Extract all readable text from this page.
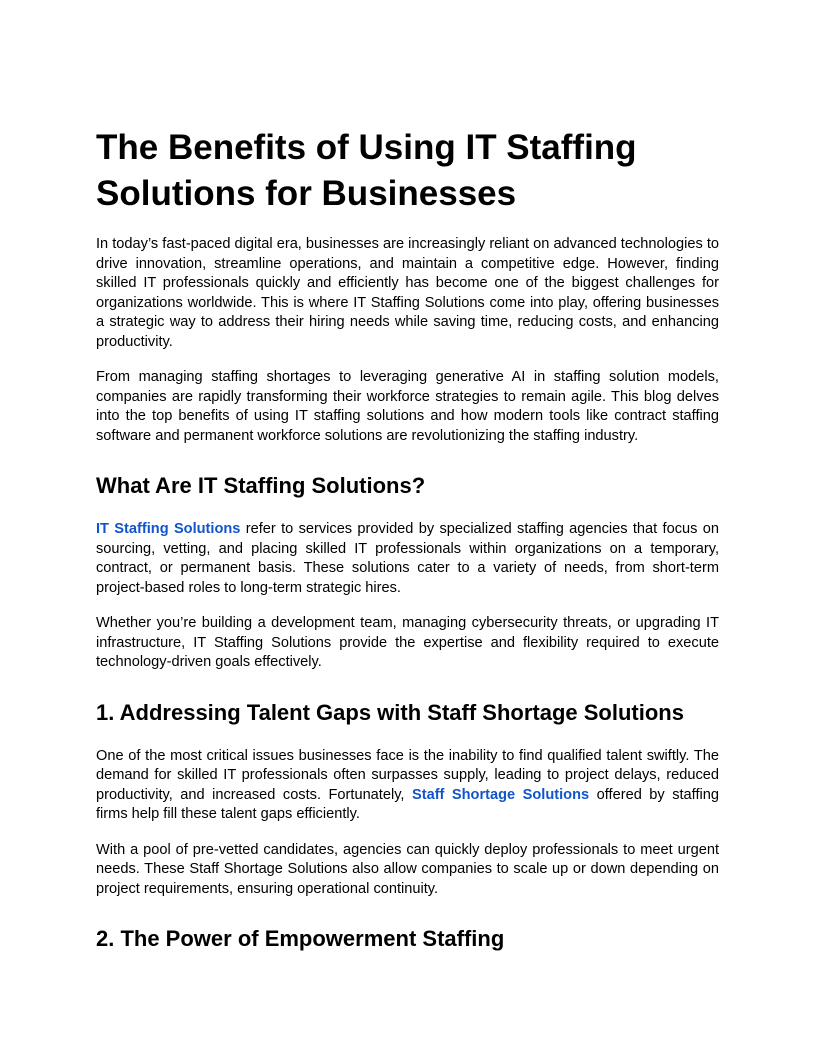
The Benefits of Using IT Staffing Solutions for Businesses

In today’s fast-paced digital era, businesses are increasingly reliant on advanced technologies to drive innovation, streamline operations, and maintain a competitive edge. However, finding skilled IT professionals quickly and efficiently has become one of the biggest challenges for organizations worldwide. This is where IT Staffing Solutions come into play, offering businesses a strategic way to address their hiring needs while saving time, reducing costs, and enhancing productivity.

From managing staffing shortages to leveraging generative AI in staffing solution models, companies are rapidly transforming their workforce strategies to remain agile. This blog delves into the top benefits of using IT staffing solutions and how modern tools like contract staffing software and permanent workforce solutions are revolutionizing the staffing industry.

What Are IT Staffing Solutions?

IT Staffing Solutions refer to services provided by specialized staffing agencies that focus on sourcing, vetting, and placing skilled IT professionals within organizations on a temporary, contract, or permanent basis. These solutions cater to a variety of needs, from short-term project-based roles to long-term strategic hires.

Whether you’re building a development team, managing cybersecurity threats, or upgrading IT infrastructure, IT Staffing Solutions provide the expertise and flexibility required to execute technology-driven goals effectively.

1. Addressing Talent Gaps with Staff Shortage Solutions

One of the most critical issues businesses face is the inability to find qualified talent swiftly. The demand for skilled IT professionals often surpasses supply, leading to project delays, reduced productivity, and increased costs. Fortunately, Staff Shortage Solutions offered by staffing firms help fill these talent gaps efficiently.

With a pool of pre-vetted candidates, agencies can quickly deploy professionals to meet urgent needs. These Staff Shortage Solutions also allow companies to scale up or down depending on project requirements, ensuring operational continuity.

2. The Power of Empowerment Staffing
